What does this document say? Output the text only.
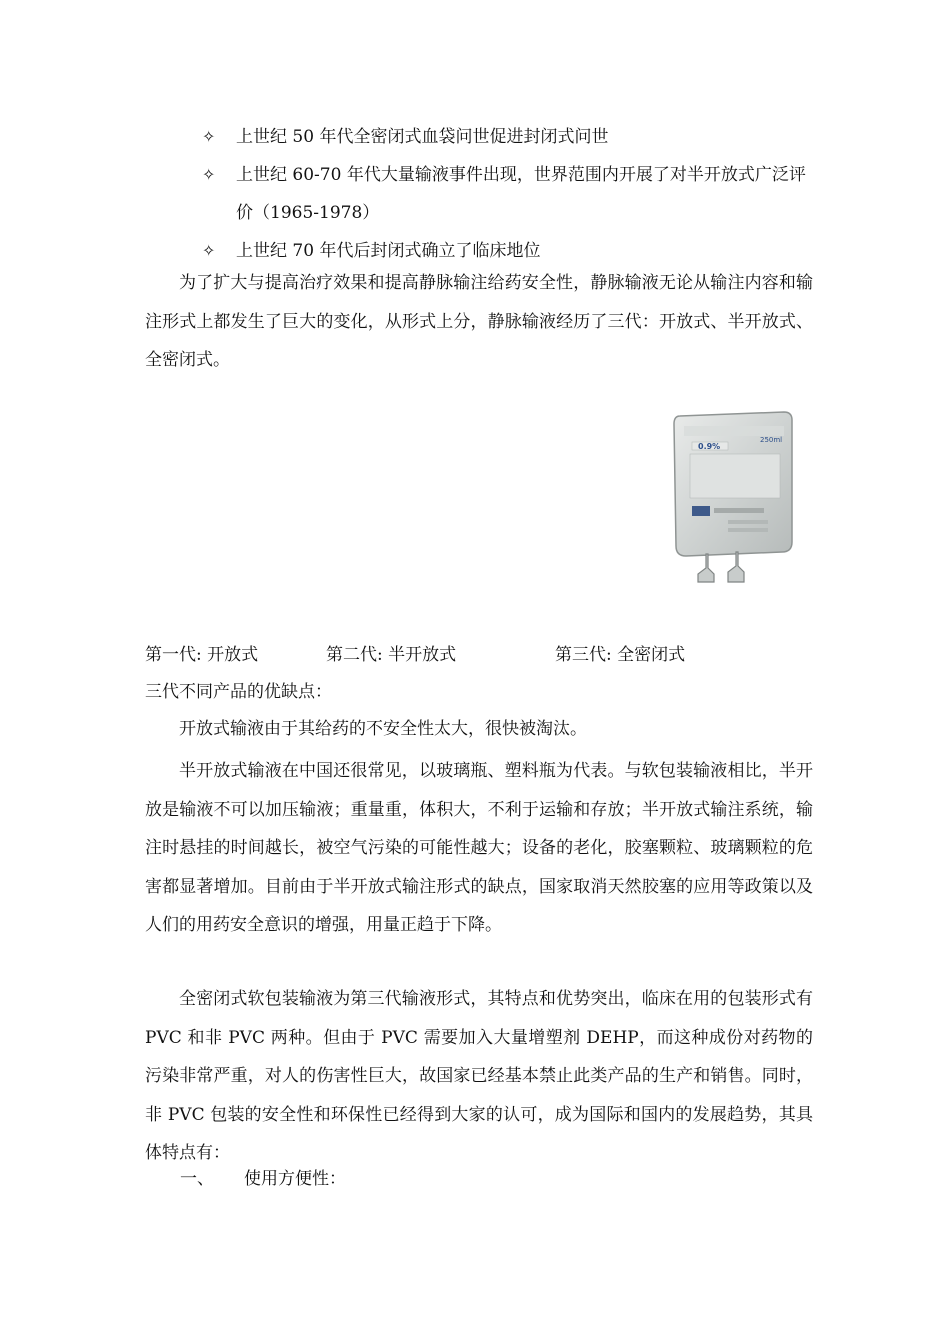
✧ 上世纪 50 年代全密闭式血袋问世促进封闭式问世
✧ 上世纪 60-70 年代大量输液事件出现，世界范围内开展了对半开放式广泛评价（1965-1978）
✧ 上世纪 70 年代后封闭式确立了临床地位
为了扩大与提高治疗效果和提高静脉输注给药安全性，静脉输液无论从输注内容和输注形式上都发生了巨大的变化，从形式上分，静脉输液经历了三代：开放式、半开放式、全密闭式。
250ml
0.9%
第一代: 开放式	第二代: 半开放式	第三代: 全密闭式
三代不同产品的优缺点：
开放式输液由于其给药的不安全性太大，很快被淘汰。
半开放式输液在中国还很常见，以玻璃瓶、塑料瓶为代表。与软包装输液相比，半开放是输液不可以加压输液；重量重，体积大，不利于运输和存放；半开放式输注系统，输注时悬挂的时间越长，被空气污染的可能性越大；设备的老化，胶塞颗粒、玻璃颗粒的危害都显著增加。目前由于半开放式输注形式的缺点，国家取消天然胶塞的应用等政策以及人们的用药安全意识的增强，用量正趋于下降。
全密闭式软包装输液为第三代输液形式，其特点和优势突出，临床在用的包装形式有 PVC 和非 PVC 两种。但由于 PVC 需要加入大量增塑剂 DEHP，而这种成份对药物的污染非常严重，对人的伤害性巨大，故国家已经基本禁止此类产品的生产和销售。同时，非 PVC 包装的安全性和环保性已经得到大家的认可，成为国际和国内的发展趋势，其具体特点有：
一、 使用方便性：
